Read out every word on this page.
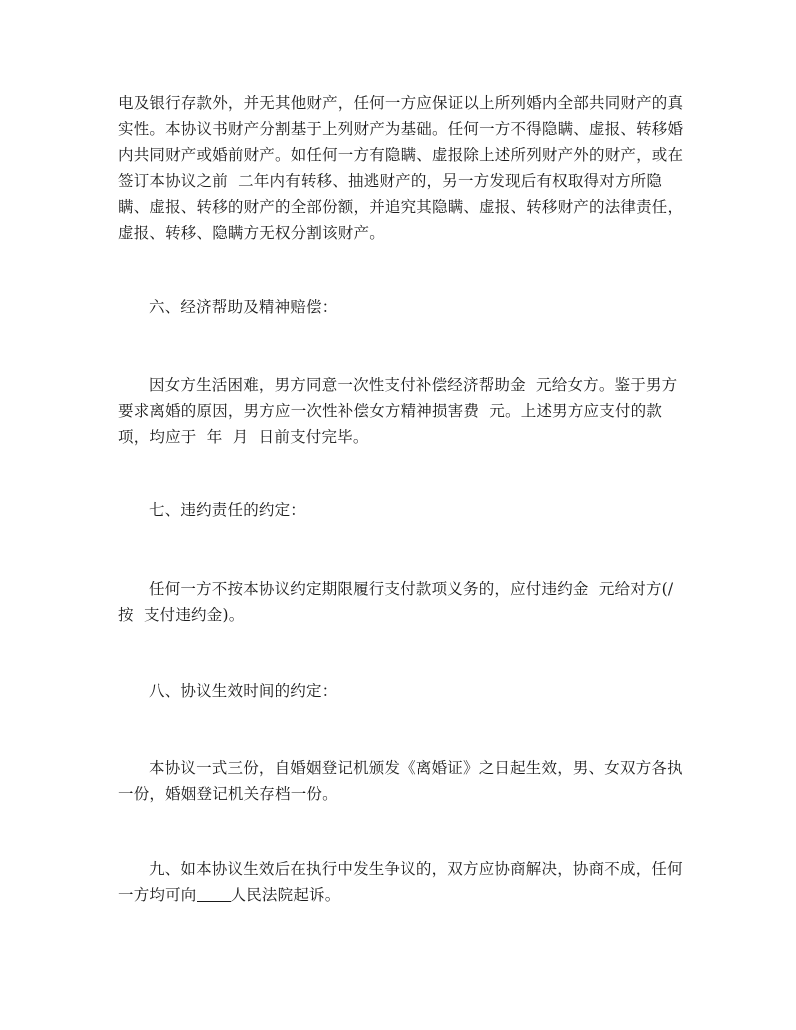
电及银行存款外，并无其他财产，任何一方应保证以上所列婚内全部共同财产的真
实性。本协议书财产分割基于上列财产为基础。任何一方不得隐瞒、虚报、转移婚
内共同财产或婚前财产。如任何一方有隐瞒、虚报除上述所列财产外的财产，或在
签订本协议之前  二年内有转移、抽逃财产的，另一方发现后有权取得对方所隐
瞒、虚报、转移的财产的全部份额，并追究其隐瞒、虚报、转移财产的法律责任，
虚报、转移、隐瞒方无权分割该财产。
六、经济帮助及精神赔偿：
因女方生活困难，男方同意一次性支付补偿经济帮助金  元给女方。鉴于男方
要求离婚的原因，男方应一次性补偿女方精神损害费  元。上述男方应支付的款
项，均应于  年  月  日前支付完毕。
七、违约责任的约定：
任何一方不按本协议约定期限履行支付款项义务的，应付违约金  元给对方(/
按  支付违约金)。
八、协议生效时间的约定：
本协议一式三份，自婚姻登记机颁发《离婚证》之日起生效，男、女双方各执
一份，婚姻登记机关存档一份。
九、如本协议生效后在执行中发生争议的，双方应协商解决，协商不成，任何
一方均可向 人民法院起诉。
